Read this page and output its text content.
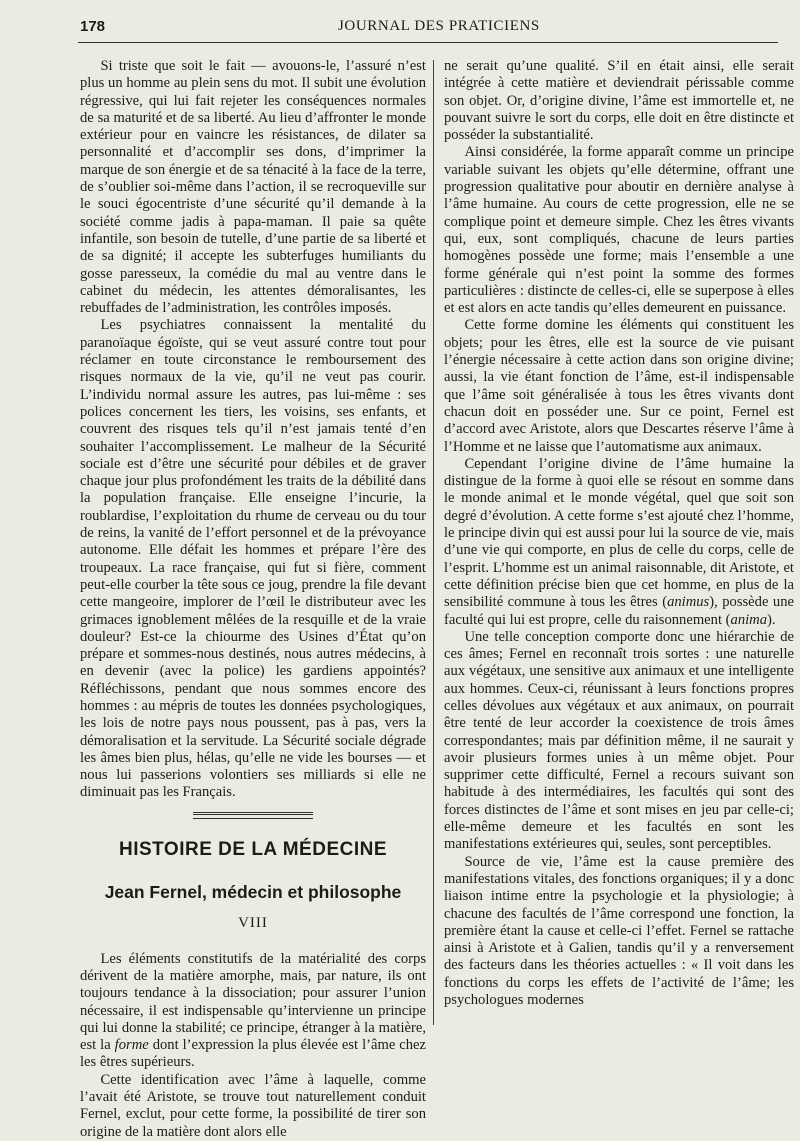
178	JOURNAL DES PRATICIENS

Si triste que soit le fait — avouons-le, l’assuré n’est plus un homme au plein sens du mot. Il subit une évolution régressive, qui lui fait rejeter les conséquences normales de sa maturité et de sa liberté. Au lieu d’affronter le monde extérieur pour en vaincre les résistances, de dilater sa personnalité et d’accomplir ses dons, d’imprimer la marque de son énergie et de sa ténacité à la face de la terre, de s’oublier soi-même dans l’action, il se recroqueville sur le souci égocentriste d’une sécurité qu’il demande à la société comme jadis à papa-maman. Il paie sa quête infantile, son besoin de tutelle, d’une partie de sa liberté et de sa dignité; il accepte les subterfuges humiliants du gosse paresseux, la comédie du mal au ventre dans le cabinet du médecin, les attentes démoralisantes, les rebuffades de l’administration, les contrôles imposés.

Les psychiatres connaissent la mentalité du paranoïaque égoïste, qui se veut assuré contre tout pour réclamer en toute circonstance le remboursement des risques normaux de la vie, qu’il ne veut pas courir. L’individu normal assure les autres, pas lui-même : ses polices concernent les tiers, les voisins, ses enfants, et couvrent des risques tels qu’il n’est jamais tenté d’en souhaiter l’accomplissement. Le malheur de la Sécurité sociale est d’être une sécurité pour débiles et de graver chaque jour plus profondément les traits de la débilité dans la population française. Elle enseigne l’incurie, la roublardise, l’exploitation du rhume de cerveau ou du tour de reins, la vanité de l’effort personnel et de la prévoyance autonome. Elle défait les hommes et prépare l’ère des troupeaux. La race française, qui fut si fière, comment peut-elle courber la tête sous ce joug, prendre la file devant cette mangeoire, implorer de l’œil le distributeur avec les grimaces ignoblement mêlées de la resquille et de la vraie douleur? Est-ce la chiourme des Usines d’État qu’on prépare et sommes-nous destinés, nous autres médecins, à en devenir (avec la police) les gardiens appointés? Réfléchissons, pendant que nous sommes encore des hommes : au mépris de toutes les données psychologiques, les lois de notre pays nous poussent, pas à pas, vers la démoralisation et la servitude. La Sécurité sociale dégrade les âmes bien plus, hélas, qu’elle ne vide les bourses — et nous lui passerions volontiers ses milliards si elle ne diminuait pas les Français.

HISTOIRE DE LA MÉDECINE
Jean Fernel, médecin et philosophe
VIII

Les éléments constitutifs de la matérialité des corps dérivent de la matière amorphe, mais, par nature, ils ont toujours tendance à la dissociation; pour assurer l’union nécessaire, il est indispensable qu’intervienne un principe qui lui donne la stabilité; ce principe, étranger à la matière, est la forme dont l’expression la plus élevée est l’âme chez les êtres supérieurs.

Cette identification avec l’âme à laquelle, comme l’avait été Aristote, se trouve tout naturellement conduit Fernel, exclut, pour cette forme, la possibilité de tirer son origine de la matière dont alors elle

ne serait qu’une qualité. S’il en était ainsi, elle serait intégrée à cette matière et deviendrait périssable comme son objet. Or, d’origine divine, l’âme est immortelle et, ne pouvant suivre le sort du corps, elle doit en être distincte et posséder la substantialité.

Ainsi considérée, la forme apparaît comme un principe variable suivant les objets qu’elle détermine, offrant une progression qualitative pour aboutir en dernière analyse à l’âme humaine. Au cours de cette progression, elle ne se complique point et demeure simple. Chez les êtres vivants qui, eux, sont compliqués, chacune de leurs parties homogènes possède une forme; mais l’ensemble a une forme générale qui n’est point la somme des formes particulières : distincte de celles-ci, elle se superpose à elles et est alors en acte tandis qu’elles demeurent en puissance.

Cette forme domine les éléments qui constituent les objets; pour les êtres, elle est la source de vie puisant l’énergie nécessaire à cette action dans son origine divine; aussi, la vie étant fonction de l’âme, est-il indispensable que l’âme soit généralisée à tous les êtres vivants dont chacun doit en posséder une. Sur ce point, Fernel est d’accord avec Aristote, alors que Descartes réserve l’âme à l’Homme et ne laisse que l’automatisme aux animaux.

Cependant l’origine divine de l’âme humaine la distingue de la forme à quoi elle se résout en somme dans le monde animal et le monde végétal, quel que soit son degré d’évolution. A cette forme s’est ajouté chez l’homme, le principe divin qui est aussi pour lui la source de vie, mais d’une vie qui comporte, en plus de celle du corps, celle de l’esprit. L’homme est un animal raisonnable, dit Aristote, et cette définition précise bien que cet homme, en plus de la sensibilité commune à tous les êtres (animus), possède une faculté qui lui est propre, celle du raisonnement (anima).

Une telle conception comporte donc une hiérarchie de ces âmes; Fernel en reconnaît trois sortes : une naturelle aux végétaux, une sensitive aux animaux et une intelligente aux hommes. Ceux-ci, réunissant à leurs fonctions propres celles dévolues aux végétaux et aux animaux, on pourrait être tenté de leur accorder la coexistence de trois âmes correspondantes; mais par définition même, il ne saurait y avoir plusieurs formes unies à un même objet. Pour supprimer cette difficulté, Fernel a recours suivant son habitude à des intermédiaires, les facultés qui sont des forces distinctes de l’âme et sont mises en jeu par celle-ci; elle-même demeure et les facultés en sont les manifestations extérieures qui, seules, sont perceptibles.

Source de vie, l’âme est la cause première des manifestations vitales, des fonctions organiques; il y a donc liaison intime entre la psychologie et la physiologie; à chacune des facultés de l’âme correspond une fonction, la première étant la cause et celle-ci l’effet. Fernel se rattache ainsi à Aristote et à Galien, tandis qu’il y a renversement des facteurs dans les théories actuelles : « Il voit dans les fonctions du corps les effets de l’activité de l’âme; les psychologues modernes
